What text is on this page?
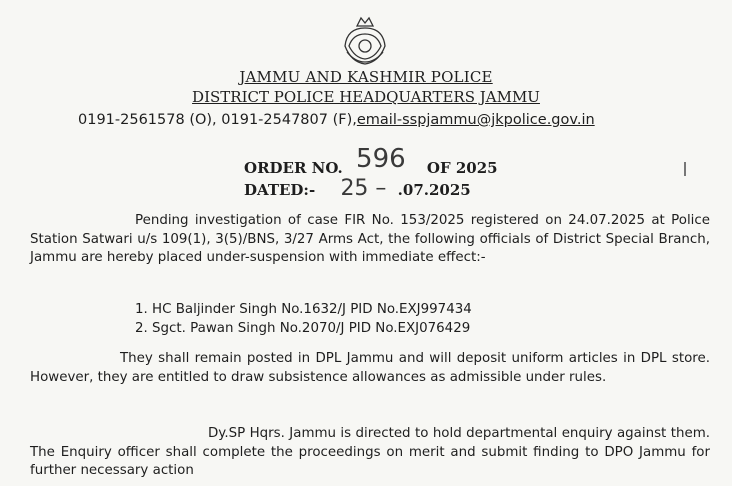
JAMMU AND KASHMIR POLICE
DISTRICT POLICE HEADQUARTERS JAMMU
0191-2561578 (O), 0191-2547807 (F),email-sspjammu@jkpolice.gov.in
ORDER NO. 596 OF 2025
DATED:- 25 – .07.2025
Pending investigation of case FIR No. 153/2025 registered on 24.07.2025 at Police Station Satwari u/s 109(1), 3(5)/BNS, 3/27 Arms Act, the following officials of District Special Branch, Jammu are hereby placed under-suspension with immediate effect:-
1. HC Baljinder Singh No.1632/J PID No.EXJ997434
2. Sgct. Pawan Singh No.2070/J PID No.EXJ076429
They shall remain posted in DPL Jammu and will deposit uniform articles in DPL store. However, they are entitled to draw subsistence allowances as admissible under rules.
Dy.SP Hqrs. Jammu is directed to hold departmental enquiry against them. The Enquiry officer shall complete the proceedings on merit and submit finding to DPO Jammu for further necessary action
